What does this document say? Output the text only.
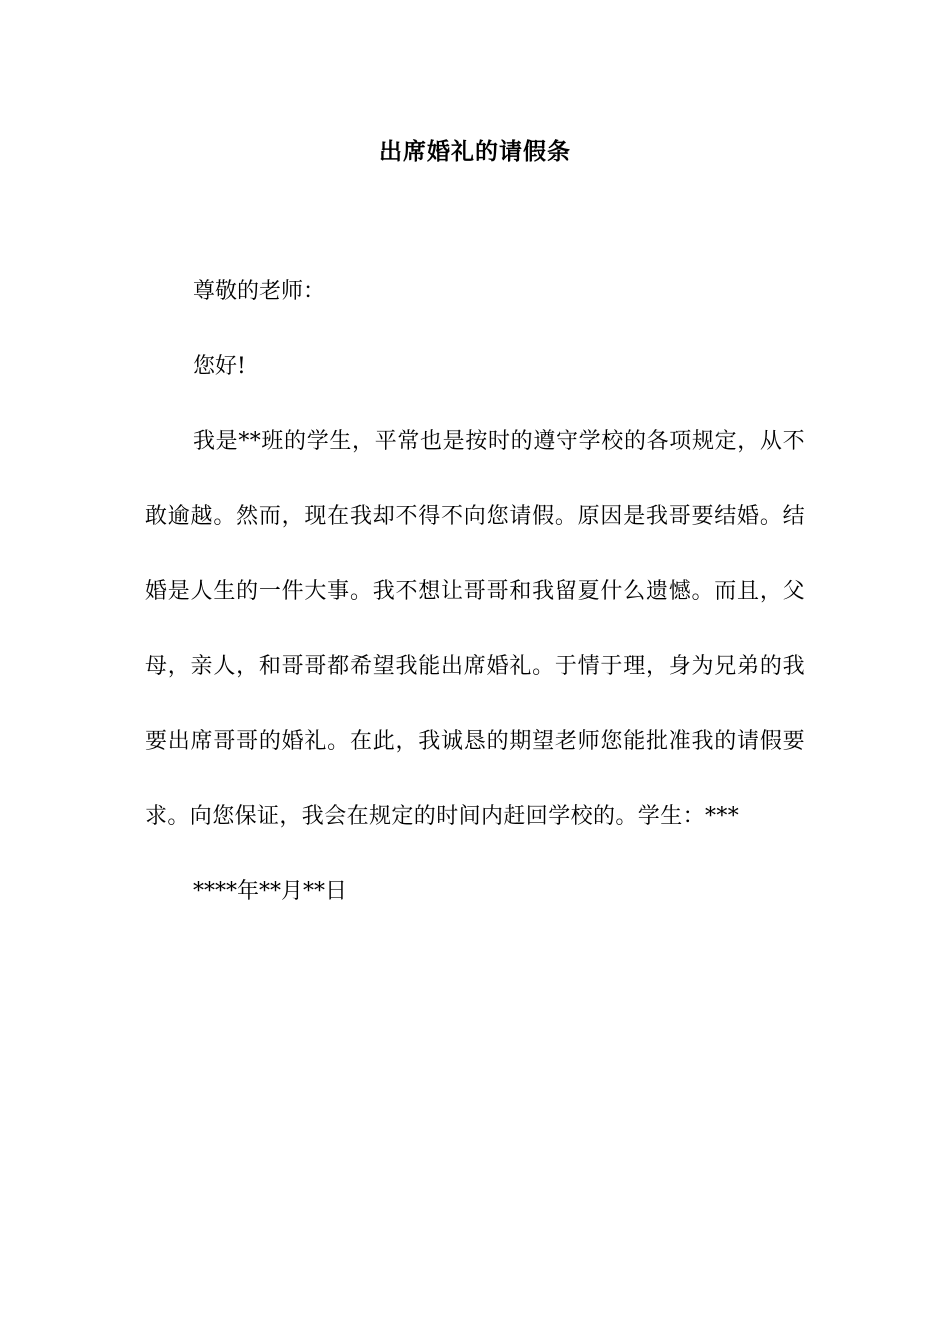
出席婚礼的请假条

尊敬的老师：

您好!

我是**班的学生，平常也是按时的遵守学校的各项规定，从不敢逾越。然而，现在我却不得不向您请假。原因是我哥要结婚。结婚是人生的一件大事。我不想让哥哥和我留夏什么遗憾。而且，父母，亲人，和哥哥都希望我能出席婚礼。于情于理，身为兄弟的我要出席哥哥的婚礼。在此，我诚恳的期望老师您能批准我的请假要求。向您保证，我会在规定的时间内赶回学校的。学生：***

****年**月**日
